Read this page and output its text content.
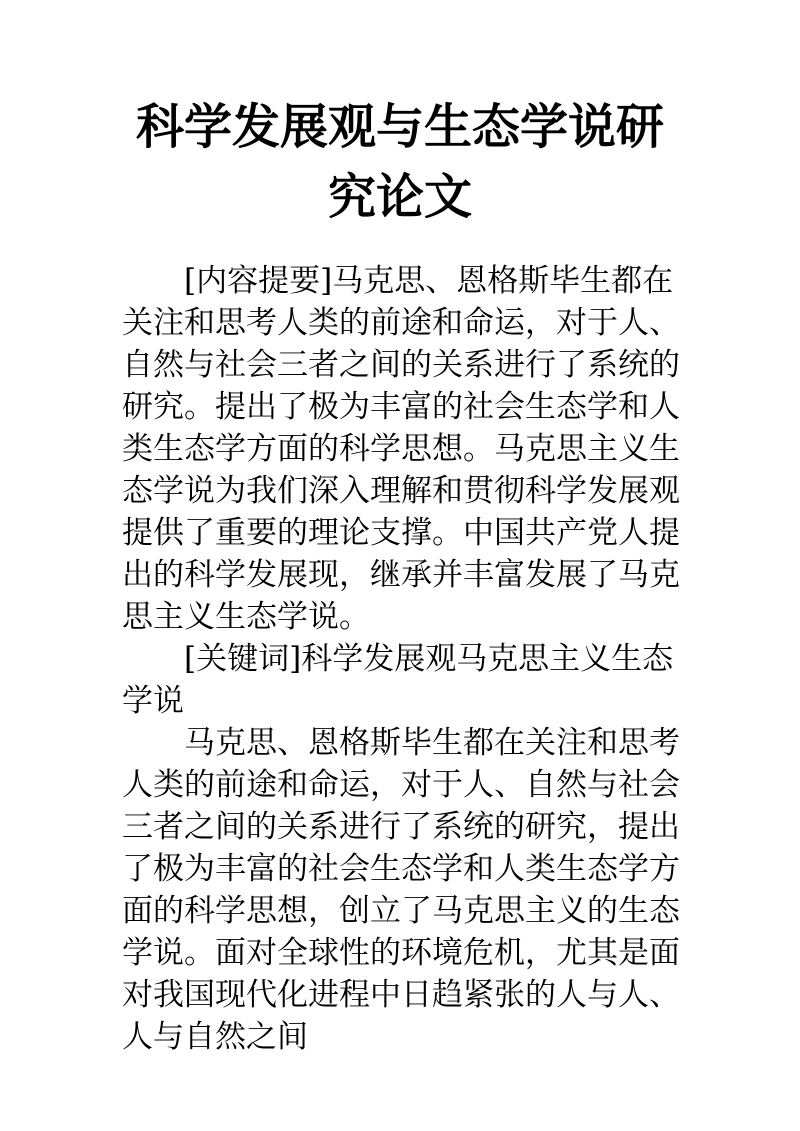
科学发展观与生态学说研究论文

[内容提要]马克思、恩格斯毕生都在关注和思考人类的前途和命运，对于人、自然与社会三者之间的关系进行了系统的研究。提出了极为丰富的社会生态学和人类生态学方面的科学思想。马克思主义生态学说为我们深入理解和贯彻科学发展观提供了重要的理论支撑。中国共产党人提出的科学发展现，继承并丰富发展了马克思主义生态学说。

[关键词]科学发展观马克思主义生态学说

马克思、恩格斯毕生都在关注和思考人类的前途和命运，对于人、自然与社会三者之间的关系进行了系统的研究，提出了极为丰富的社会生态学和人类生态学方面的科学思想，创立了马克思主义的生态学说。面对全球性的环境危机，尤其是面对我国现代化进程中日趋紧张的人与人、人与自然之间
